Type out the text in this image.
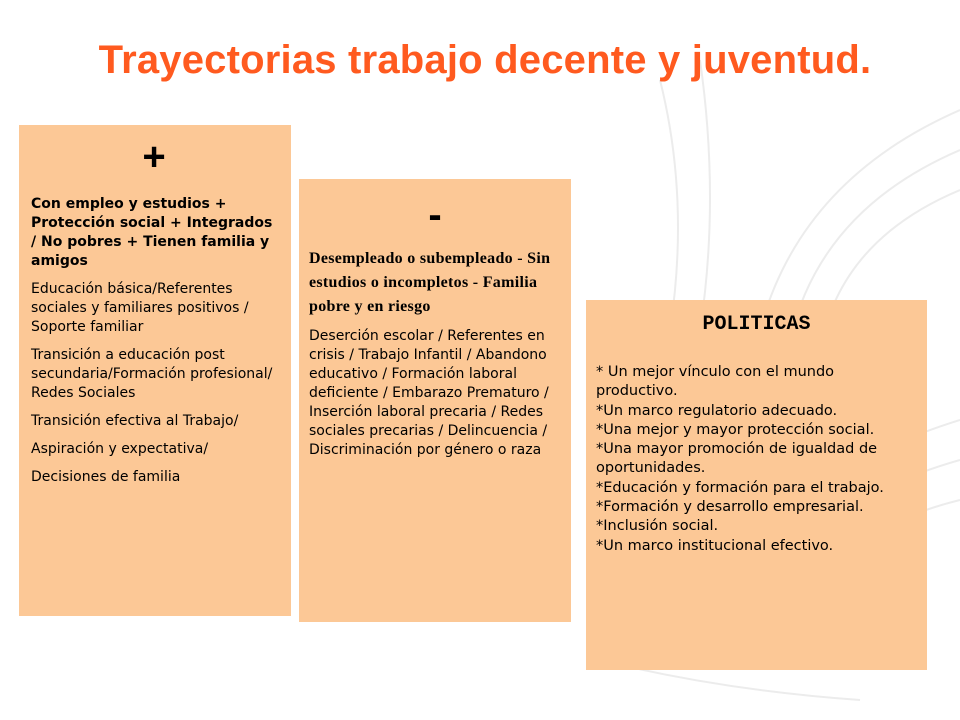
Trayectorias trabajo decente y juventud.
+
Con empleo y estudios + Protección social + Integrados / No pobres + Tienen familia y amigos
Educación básica/Referentes sociales y familiares positivos / Soporte familiar
Transición a educación post secundaria/Formación profesional/ Redes Sociales
Transición efectiva al Trabajo/
Aspiración y expectativa/
Decisiones de familia
-
Desempleado o subempleado - Sin estudios o incompletos - Familia pobre y en riesgo
Deserción escolar / Referentes en crisis / Trabajo Infantil / Abandono educativo / Formación laboral deficiente / Embarazo Prematuro / Inserción laboral precaria / Redes sociales precarias / Delincuencia / Discriminación por género o raza
POLITICAS
* Un mejor vínculo con el mundo productivo.
*Un marco regulatorio adecuado.
*Una mejor y mayor protección social.
*Una mayor promoción de igualdad de oportunidades.
*Educación y formación para el trabajo.
*Formación y desarrollo empresarial.
*Inclusión social.
*Un marco institucional efectivo.
